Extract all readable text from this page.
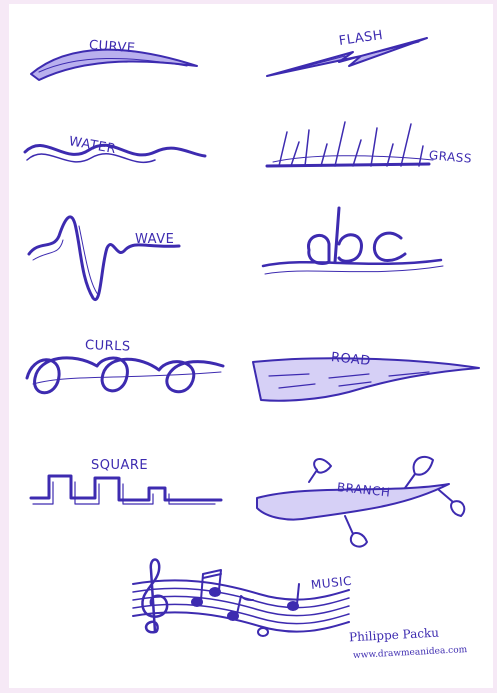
CURVE	FLASH

WATER	GRASS

WAVE

CURLS

ROAD

SQUARE

BRANCH

MUSIC

Philippe Packu

www.drawmeanidea.com
